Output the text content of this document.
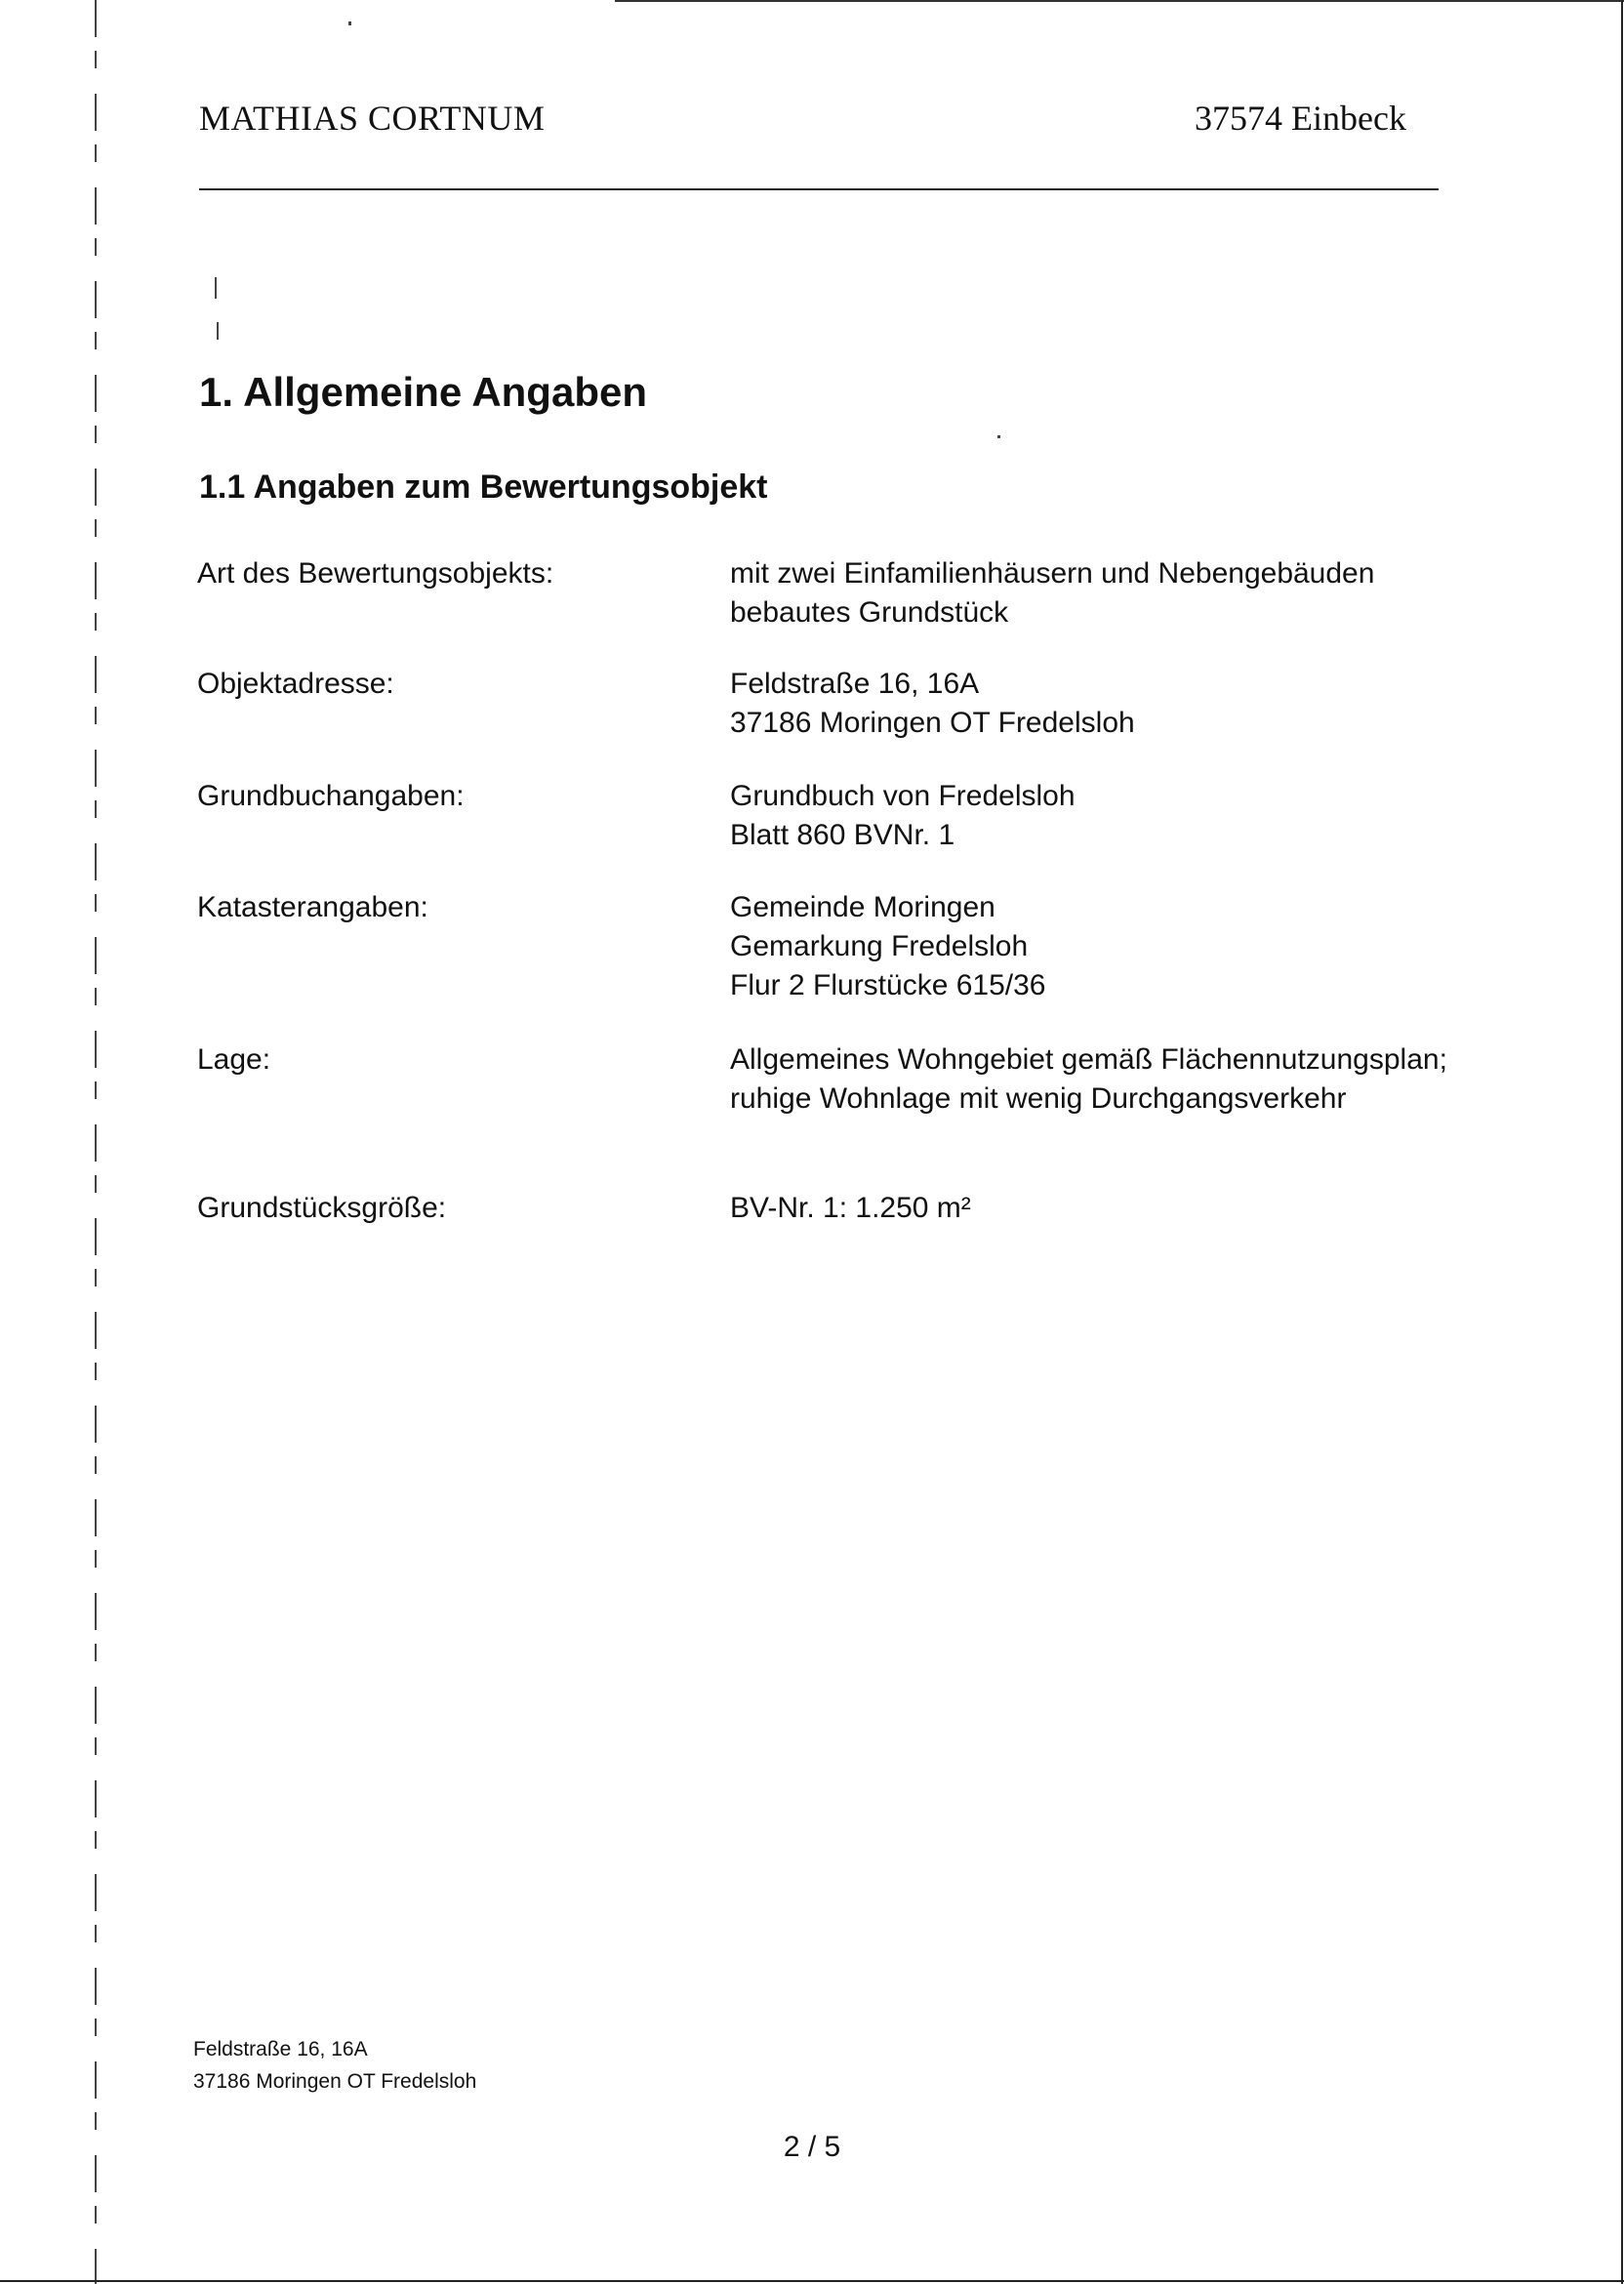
MATHIAS CORTNUM	37574 Einbeck
1. Allgemeine Angaben
1.1 Angaben zum Bewertungsobjekt
Art des Bewertungsobjekts:	mit zwei Einfamilienhäusern und Nebengebäuden
bebautes Grundstück
Objektadresse:	Feldstraße 16, 16A
37186 Moringen OT Fredelsloh
Grundbuchangaben:	Grundbuch von Fredelsloh
Blatt 860 BVNr. 1
Katasterangaben:	Gemeinde Moringen
Gemarkung Fredelsloh
Flur 2 Flurstücke 615/36
Lage:	Allgemeines Wohngebiet gemäß Flächennutzungsplan;
ruhige Wohnlage mit wenig Durchgangsverkehr
Grundstücksgröße:	BV-Nr. 1: 1.250 m²
Feldstraße 16, 16A
37186 Moringen OT Fredelsloh
2 / 5
